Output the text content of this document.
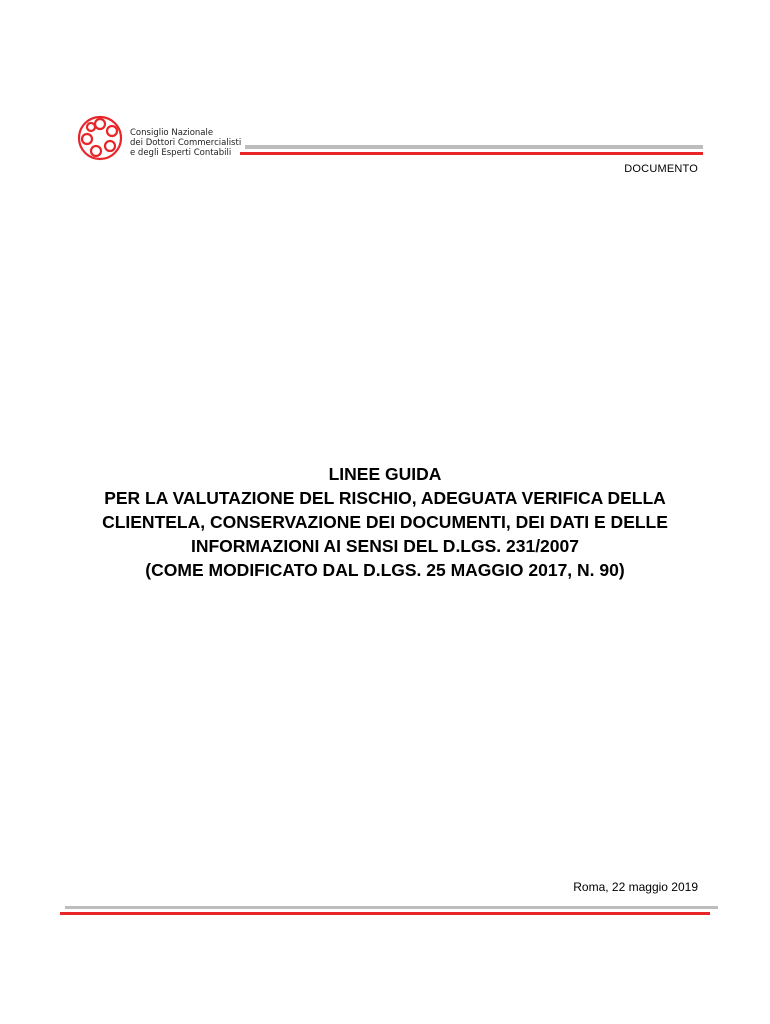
Consiglio Nazionale
dei Dottori Commercialisti
e degli Esperti Contabili
DOCUMENTO
LINEE GUIDA
PER LA VALUTAZIONE DEL RISCHIO, ADEGUATA VERIFICA DELLA
CLIENTELA, CONSERVAZIONE DEI DOCUMENTI, DEI DATI E DELLE
INFORMAZIONI AI SENSI DEL D.LGS. 231/2007
(COME MODIFICATO DAL D.LGS. 25 MAGGIO 2017, N. 90)
Roma, 22 maggio 2019
